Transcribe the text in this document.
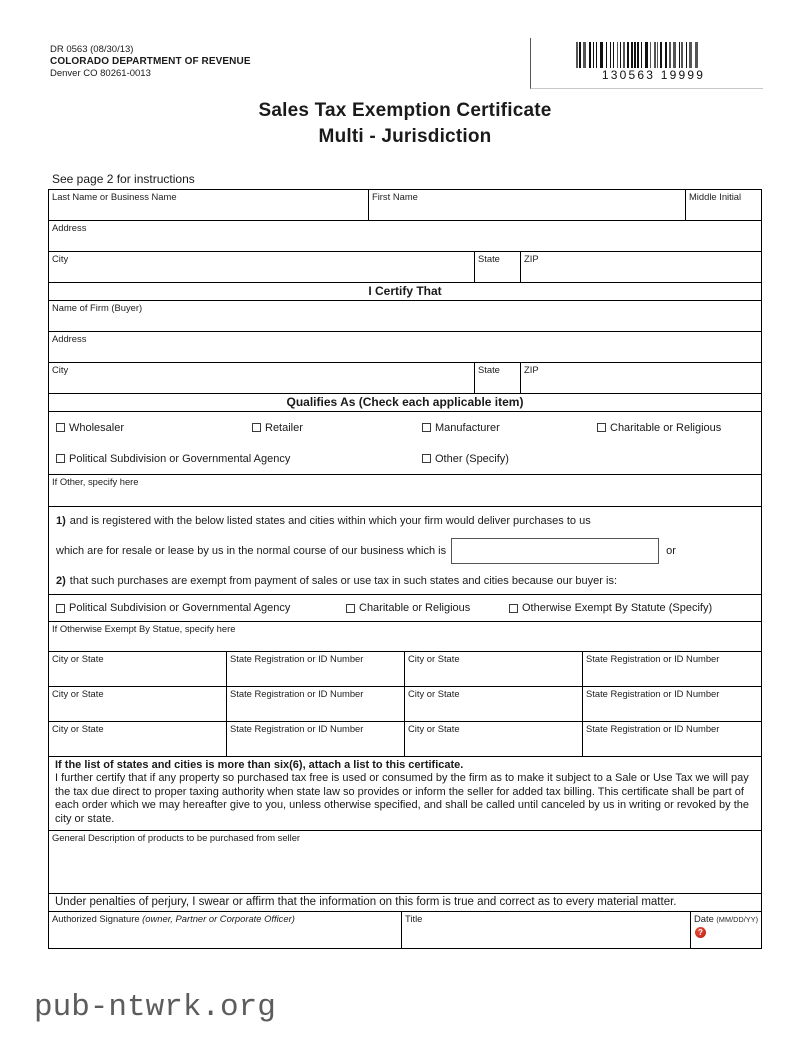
DR 0563 (08/30/13)
COLORADO DEPARTMENT OF REVENUE
Denver CO 80261-0013	130563 19999
Sales Tax Exemption Certificate
Multi - Jurisdiction
See page 2 for instructions
Last Name or Business Name	First Name	Middle Initial
Address
City	State	ZIP
I Certify That
Name of Firm (Buyer)
Address
City	State	ZIP
Qualifies As (Check each applicable item)
Wholesaler	Retailer	Manufacturer	Charitable or Religious
Political Subdivision or Governmental Agency	Other (Specify)
If Other, specify here
1) and is registered with the below listed states and cities within which your firm would deliver purchases to us
which are for resale or lease by us in the normal course of our business which is	or
2) that such purchases are exempt from payment of sales or use tax in such states and cities because our buyer is:
Political Subdivision or Governmental Agency	Charitable or Religious	Otherwise Exempt By Statute (Specify)
If Otherwise Exempt By Statue, specify here
City or State	State Registration or ID Number	City or State	State Registration or ID Number
City or State	State Registration or ID Number	City or State	State Registration or ID Number
City or State	State Registration or ID Number	City or State	State Registration or ID Number
If the list of states and cities is more than six(6), attach a list to this certificate.
I further certify that if any property so purchased tax free is used or consumed by the firm as to make it subject to a Sale or Use Tax we will pay the tax due direct to proper taxing authority when state law so provides or inform the seller for added tax billing. This certificate shall be part of each order which we may hereafter give to you, unless otherwise specified, and shall be called until canceled by us in writing or revoked by the city or state.
General Description of products to be purchased from seller
Under penalties of perjury, I swear or affirm that the information on this form is true and correct as to every material matter.
Authorized Signature (owner, Partner or Corporate Officer)	Title	Date (MM/DD/YY)
?
pub-ntwrk.org
